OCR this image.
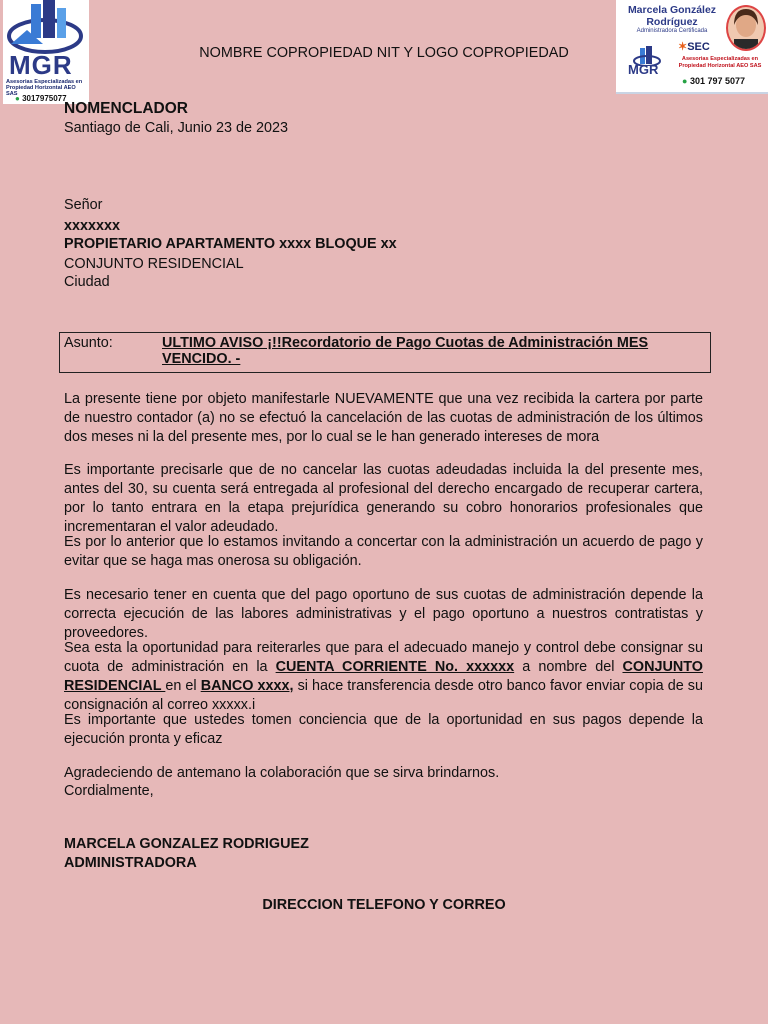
MGR
Asesorias Especializadas en Propiedad Horizontal AEO SAS
● 3017975077
Marcela González Rodríguez
Administradora Certificada
✶SEC
MGR
Asesorias Especializadas en Propiedad Horizontal AEO SAS
● 301 797 5077
NOMBRE COPROPIEDAD NIT Y LOGO COPROPIEDAD
NOMENCLADOR
Santiago de Cali, Junio 23 de 2023
Señor
xxxxxxx
PROPIETARIO APARTAMENTO xxxx BLOQUE xx
CONJUNTO RESIDENCIAL
Ciudad
Asunto:	ULTIMO AVISO ¡!!Recordatorio de Pago Cuotas de Administración MES VENCIDO. -

La presente tiene por objeto manifestarle NUEVAMENTE que una vez recibida la cartera por parte de nuestro contador (a) no se efectuó la cancelación de las cuotas de administración de los últimos dos meses ni la del presente mes, por lo cual se le han generado intereses de mora

Es importante precisarle que de no cancelar las cuotas adeudadas incluida la del presente mes, antes del 30, su cuenta será entregada al profesional del derecho encargado de recuperar cartera, por lo tanto entrara en la etapa prejurídica generando su cobro honorarios profesionales que incrementaran el valor adeudado.

Es por lo anterior que lo estamos invitando a concertar con la administración un acuerdo de pago y evitar que se haga mas onerosa su obligación.

Es necesario tener en cuenta que del pago oportuno de sus cuotas de administración depende la correcta ejecución de las labores administrativas y el pago oportuno a nuestros contratistas y proveedores.

Sea esta la oportunidad para reiterarles que para el adecuado manejo y control debe consignar su cuota de administración en la CUENTA CORRIENTE No. xxxxxx a nombre del CONJUNTO RESIDENCIAL en el BANCO xxxx, si hace transferencia desde otro banco favor enviar copia de su consignación al correo xxxxx.i

Es importante que ustedes tomen conciencia que de la oportunidad en sus pagos depende la ejecución pronta y eficaz

Agradeciendo de antemano la colaboración que se sirva brindarnos.
Cordialmente,
MARCELA GONZALEZ RODRIGUEZ
ADMINISTRADORA
DIRECCION TELEFONO Y CORREO
